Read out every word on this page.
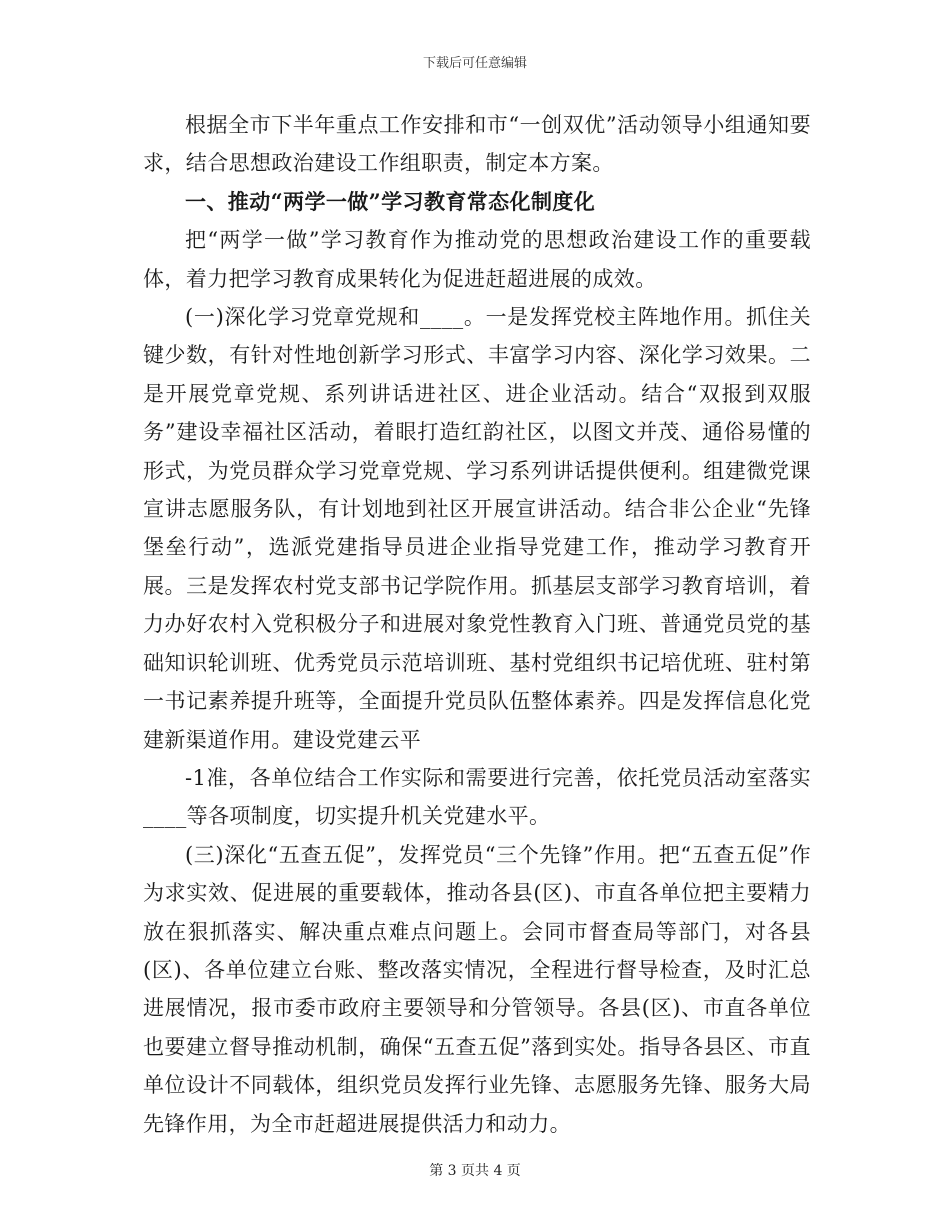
下载后可任意编辑

根据全市下半年重点工作安排和市“一创双优”活动领导小组通知要求，结合思想政治建设工作组职责，制定本方案。

一、推动“两学一做”学习教育常态化制度化

把“两学一做”学习教育作为推动党的思想政治建设工作的重要载体，着力把学习教育成果转化为促进赶超进展的成效。

(一)深化学习党章党规和____。一是发挥党校主阵地作用。抓住关键少数，有针对性地创新学习形式、丰富学习内容、深化学习效果。二是开展党章党规、系列讲话进社区、进企业活动。结合“双报到双服务”建设幸福社区活动，着眼打造红韵社区，以图文并茂、通俗易懂的形式，为党员群众学习党章党规、学习系列讲话提供便利。组建微党课宣讲志愿服务队，有计划地到社区开展宣讲活动。结合非公企业“先锋堡垒行动”，选派党建指导员进企业指导党建工作，推动学习教育开展。三是发挥农村党支部书记学院作用。抓基层支部学习教育培训，着力办好农村入党积极分子和进展对象党性教育入门班、普通党员党的基础知识轮训班、优秀党员示范培训班、基村党组织书记培优班、驻村第一书记素养提升班等，全面提升党员队伍整体素养。四是发挥信息化党建新渠道作用。建设党建云平

-1准，各单位结合工作实际和需要进行完善，依托党员活动室落实____等各项制度，切实提升机关党建水平。

(三)深化“五查五促”，发挥党员“三个先锋”作用。把“五查五促”作为求实效、促进展的重要载体，推动各县(区)、市直各单位把主要精力放在狠抓落实、解决重点难点问题上。会同市督查局等部门，对各县(区)、各单位建立台账、整改落实情况，全程进行督导检查，及时汇总进展情况，报市委市政府主要领导和分管领导。各县(区)、市直各单位也要建立督导推动机制，确保“五查五促”落到实处。指导各县区、市直单位设计不同载体，组织党员发挥行业先锋、志愿服务先锋、服务大局先锋作用，为全市赶超进展提供活力和动力。

第 3 页共 4 页
